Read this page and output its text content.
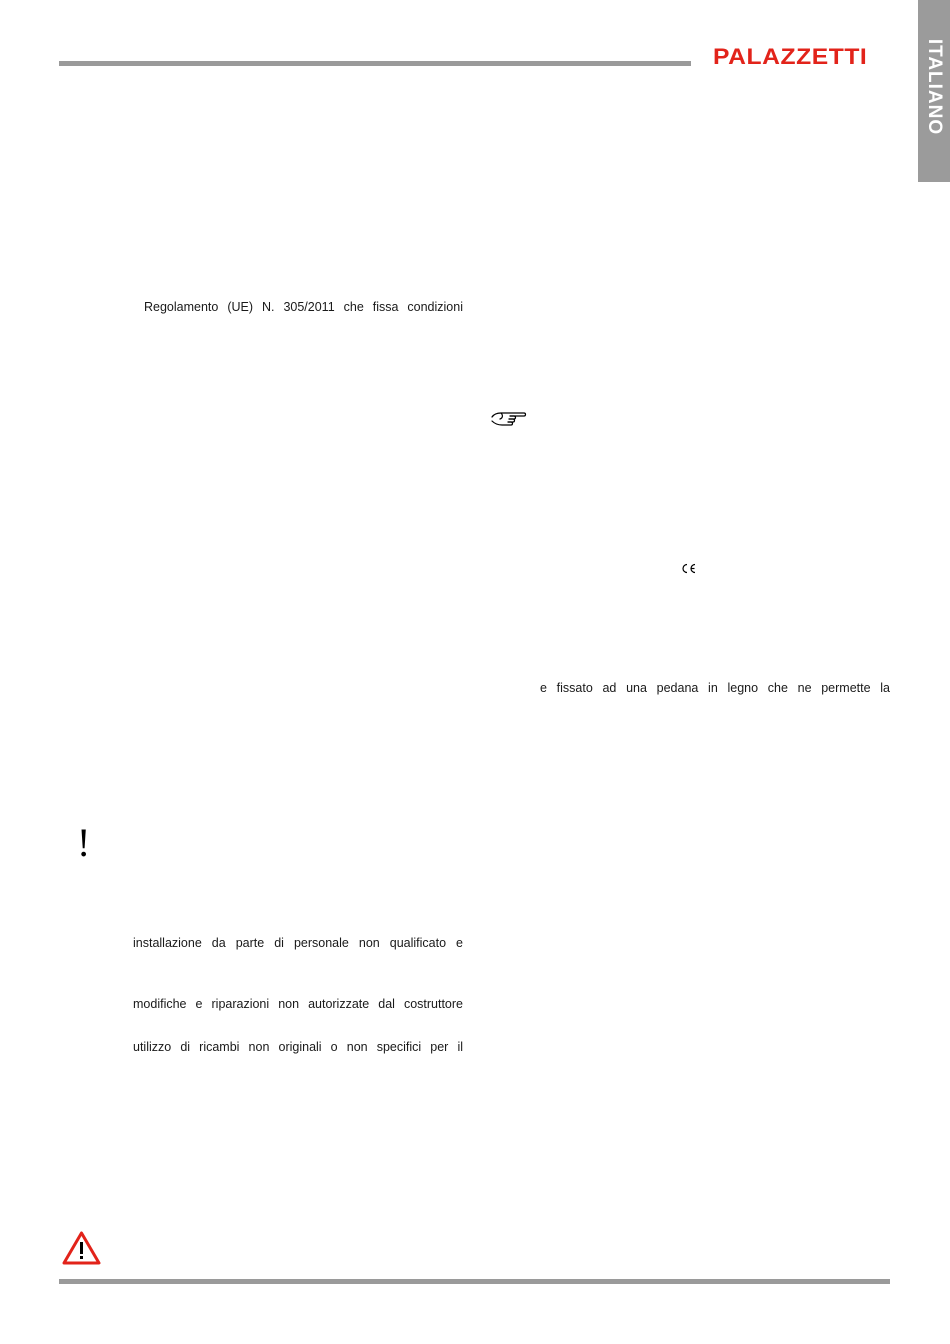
PALAZZETTI	ITALIANO
Regolamento (UE) N. 305/2011 che fissa condizioni
e fissato ad una pedana in legno che ne permette la
!
installazione da parte di personale non qualificato e
modifiche e riparazioni non autorizzate dal costruttore
utilizzo di ricambi non originali o non specifici per il
